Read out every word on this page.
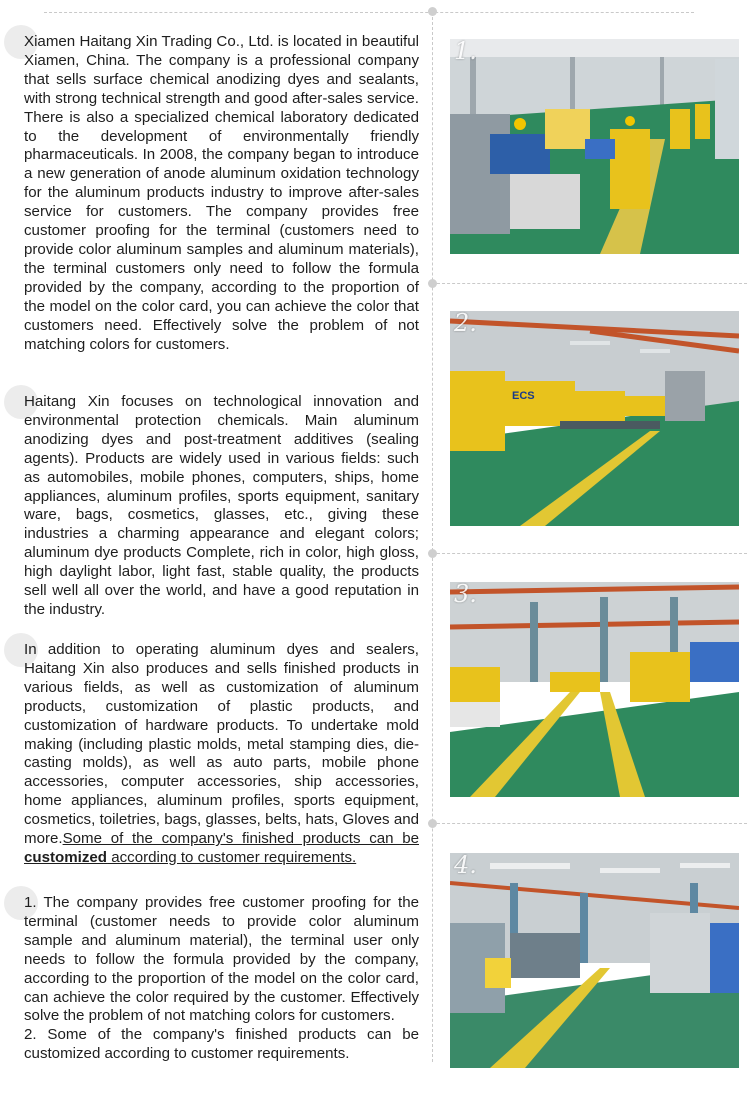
Xiamen Haitang Xin Trading Co., Ltd. is located in beautiful Xiamen, China. The company is a professional company that sells surface chemical anodizing dyes and sealants, with strong technical strength and good after-sales service. There is also a specialized chemical laboratory dedicated to the development of environmentally friendly pharmaceuticals. In 2008, the company began to introduce a new generation of anode aluminum oxidation technology for the aluminum products industry to improve after-sales service for customers. The company provides free customer proofing for the terminal (customers need to provide color aluminum samples and aluminum materials), the terminal customers only need to follow the formula provided by the company, according to the proportion of the model on the color card, you can achieve the color that customers need. Effectively solve the problem of not matching colors for customers.
Haitang Xin focuses on technological innovation and environmental protection chemicals. Main aluminum anodizing dyes and post-treatment additives (sealing agents). Products are widely used in various fields: such as automobiles, mobile phones, computers, ships, home appliances, aluminum profiles, sports equipment, sanitary ware, bags, cosmetics, glasses, etc., giving these industries a charming appearance and elegant colors; aluminum dye products Complete, rich in color, high gloss, high daylight labor, light fast, stable quality, the products sell well all over the world, and have a good reputation in the industry.
In addition to operating aluminum dyes and sealers, Haitang Xin also produces and sells finished products in various fields, as well as customization of aluminum products, customization of plastic products, and customization of hardware products. To undertake mold making (including plastic molds, metal stamping dies, die-casting molds), as well as auto parts, mobile phone accessories, computer accessories, ship accessories, home appliances, aluminum profiles, sports equipment, cosmetics, toiletries, bags, glasses, belts, hats, Gloves and more.Some of the company's finished products can be customized according to customer requirements.
1. The company provides free customer proofing for the terminal (customer needs to provide color aluminum sample and aluminum material), the terminal user only needs to follow the formula provided by the company, according to the proportion of the model on the color card, can achieve the color required by the customer. Effectively solve the problem of not matching colors for customers.
2. Some of the company's finished products can be customized according to customer requirements.
1.
ECS
2.
3.
4.
